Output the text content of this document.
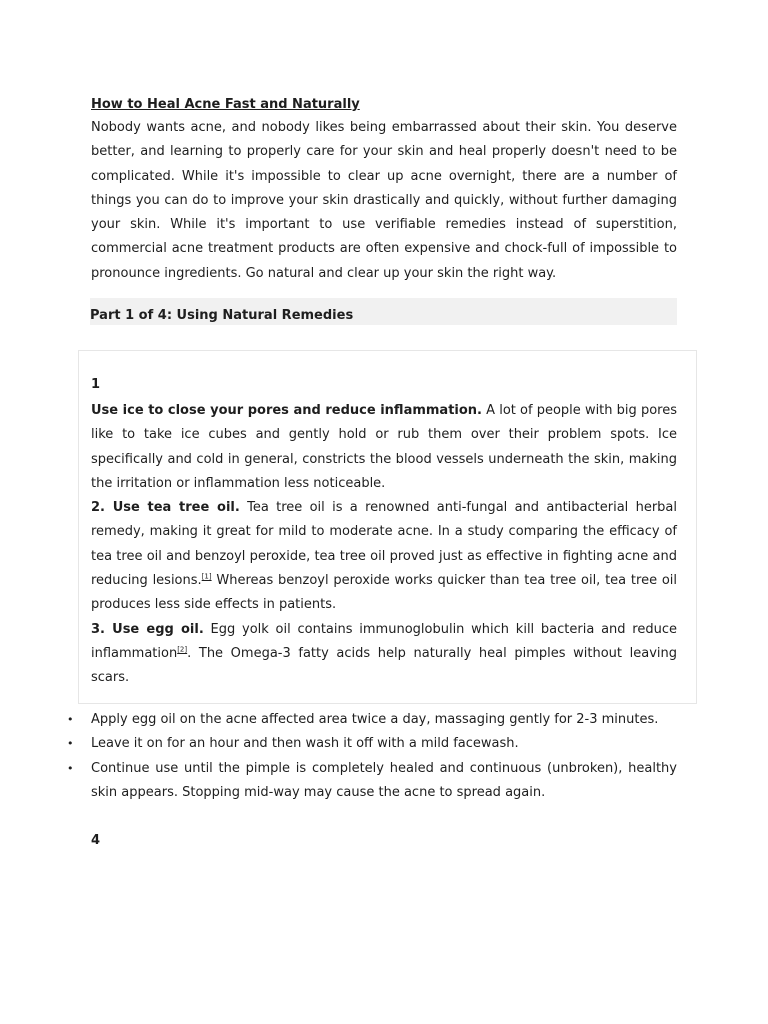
How to Heal Acne Fast and Naturally

Nobody wants acne, and nobody likes being embarrassed about their skin. You deserve better, and learning to properly care for your skin and heal properly doesn't need to be complicated. While it's impossible to clear up acne overnight, there are a number of things you can do to improve your skin drastically and quickly, without further damaging your skin. While it's important to use verifiable remedies instead of superstition, commercial acne treatment products are often expensive and chock-full of impossible to pronounce ingredients. Go natural and clear up your skin the right way.

Part 1 of 4: Using Natural Remedies

1

Use ice to close your pores and reduce inflammation. A lot of people with big pores like to take ice cubes and gently hold or rub them over their problem spots. Ice specifically and cold in general, constricts the blood vessels underneath the skin, making the irritation or inflammation less noticeable.

2. Use tea tree oil. Tea tree oil is a renowned anti-fungal and antibacterial herbal remedy, making it great for mild to moderate acne. In a study comparing the efficacy of tea tree oil and benzoyl peroxide, tea tree oil proved just as effective in fighting acne and reducing lesions.[1] Whereas benzoyl peroxide works quicker than tea tree oil, tea tree oil produces less side effects in patients.

3. Use egg oil. Egg yolk oil contains immunoglobulin which kill bacteria and reduce inflammation[2]. The Omega-3 fatty acids help naturally heal pimples without leaving scars.

• Apply egg oil on the acne affected area twice a day, massaging gently for 2-3 minutes.
• Leave it on for an hour and then wash it off with a mild facewash.
• Continue use until the pimple is completely healed and continuous (unbroken), healthy skin appears. Stopping mid-way may cause the acne to spread again.
4
